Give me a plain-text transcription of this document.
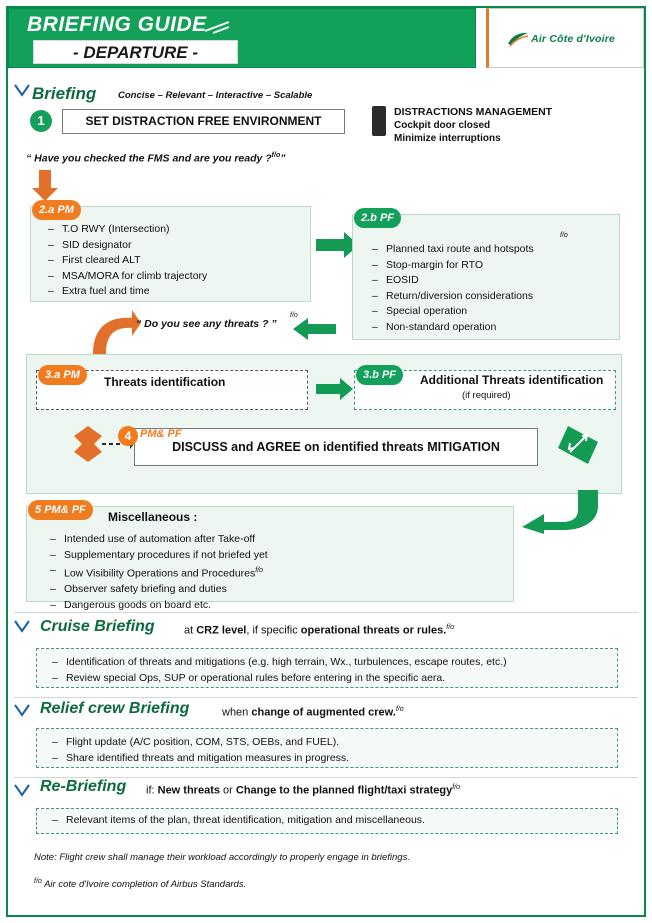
BRIEFING GUIDE
- DEPARTURE -
Air Côte d'Ivoire
Briefing Concise – Relevant – Interactive – Scalable
1	SET DISTRACTION FREE ENVIRONMENT
DISTRACTIONS MANAGEMENT
Cockpit door closed
Minimize interruptions
“ Have you checked the FMS and are you ready ?$^{f/o}$”
2.a PM
– T.O RWY (Intersection)
– SID designator
– First cleared ALT
– MSA/MORA for climb trajectory
– Extra fuel and time
2.b PF
f/o
– Planned taxi route and hotspots
– Stop-margin for RTO
– EOSID
– Return/diversion considerations
– Special operation
– Non-standard operation
“ Do you see any threats ? ”
f/o
3.a PM	Threats identification	3.b PF	Additional Threats identification
(if required)
DISCUSS and AGREE on identified threats MITIGATION
4 PM& PF
5 PM& PF	Miscellaneous :
– Intended use of automation after Take-off
– Supplementary procedures if not briefed yet
– Low Visibility Operations and Procedures$^{f/o}$
– Observer safety briefing and duties
– Dangerous goods on board etc.
Cruise Briefing	at CRZ level, if specific operational threats or rules.$^{f/o}$
– Identification of threats and mitigations (e.g. high terrain, Wx., turbulences, escape routes, etc.)
– Review special Ops, SUP or operational rules before entering in the specific aera.
Relief crew Briefing	when change of augmented crew.$^{f/o}$
– Flight update (A/C position, COM, STS, OEBs, and FUEL).
– Share identified threats and mitigation measures in progress.
Re-Briefing if: New threats or Change to the planned flight/taxi strategy$^{f/o}$
– Relevant items of the plan, threat identification, mitigation and miscellaneous.
Note: Flight crew shall manage their workload accordingly to properly engage in briefings.
$^{f/o}$ Air cote d'Ivoire completion of Airbus Standards.
